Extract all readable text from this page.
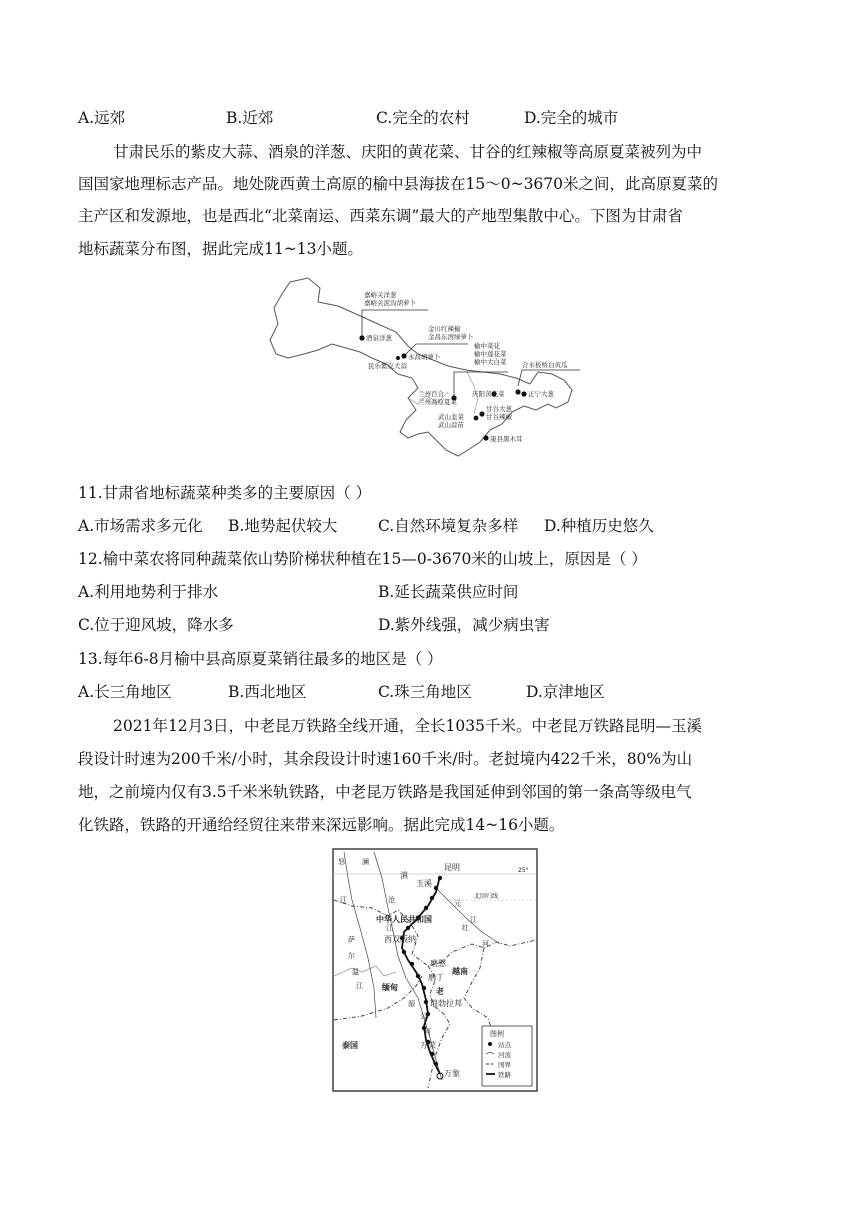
A.远郊	B.近郊	C.完全的农村	D.完全的城市
甘肃民乐的紫皮大蒜、酒泉的洋葱、庆阳的黄花菜、甘谷的红辣椒等高原夏菜被列为中
国国家地理标志产品。地处陇西黄土高原的榆中县海拔在15～0~3670米之间，此高原夏菜的
主产区和发源地，也是西北“北菜南运、西菜东调”最大的产地型集散中心。下图为甘肃省
地标蔬菜分布图，据此完成11~13小题。
嘉峪关洋葱
嘉峪关泥沟胡萝卜
酒泉洋葱
金川红辣椒
金昌东湾绿萝卜
永昌胡萝卜
民乐紫皮大蒜
榆中菜花
榆中莲花菜
榆中大白菜 合水板桥白黄瓜
正宁大葱
兰州百合
兰州高原夏菜
庆阳黄花菜
甘谷大葱
甘谷辣椒
武山韭菜
武山蒜苗
康县黑木耳
11.甘肃省地标蔬菜种类多的主要原因（ ）
A.市场需求多元化 B.地势起伏较大	C.自然环境复杂多样 D.种植历史悠久
12.榆中菜农将同种蔬菜依山势阶梯状种植在15—0-3670米的山坡上，原因是（ ）
A.利用地势利于排水	B.延长蔬菜供应时间
C.位于迎风坡，降水多	D.紫外线强，减少病虫害
13.每年6-8月榆中县高原夏菜销往最多的地区是（ ）
A.长三角地区	B.西北地区	C.珠三角地区	D.京津地区
2021年12月3日，中老昆万铁路全线开通，全长1035千米。中老昆万铁路昆明—玉溪
段设计时速为200千米/小时，其余段设计时速160千米/时。老挝境内422千米，80%为山
地，之前境内仅有3.5千米米轨铁路，中老昆万铁路是我国延伸到邻国的第一条高等级电气
化铁路，铁路的开通给经贸往来带来深远影响。据此完成14~16小题。
25°
北回归线
昆明
玉溪
西双版纳
磨憨
磨丁
琅勃拉邦
万荣
万象
滇
中华人民共和国
缅甸	老
越南
泰国
怒
江
澜
沧
江
元
江
红
河
萨
尔
温
江
湄
公
河	图例
站点
河流
国界
铁路
